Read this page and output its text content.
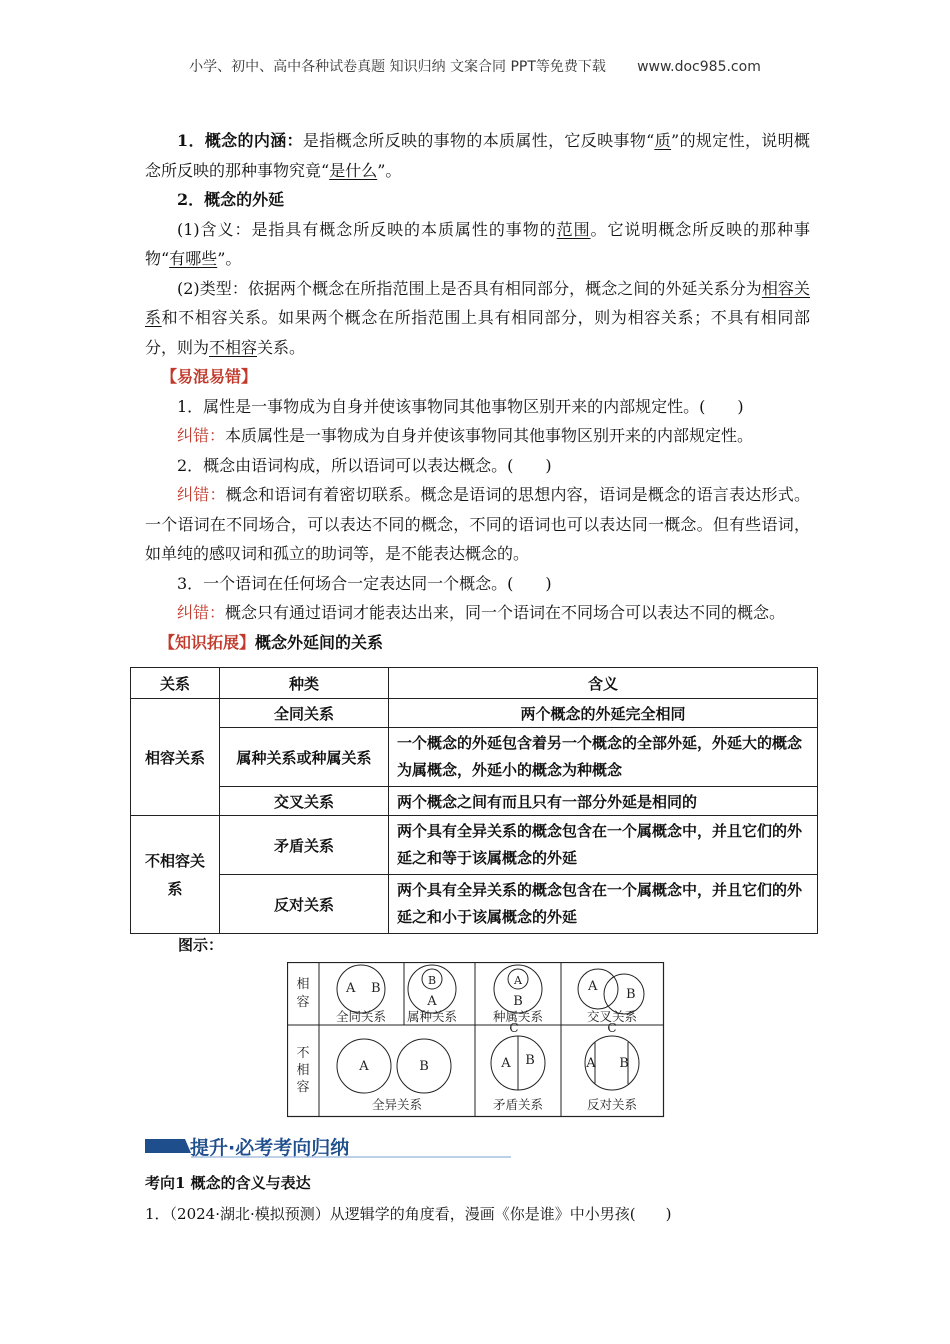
小学、初中、高中各种试卷真题 知识归纳 文案合同 PPT等免费下载 www.doc985.com

1．概念的内涵：是指概念所反映的事物的本质属性，它反映事物“质”的规定性，说明概念所反映的那种事物究竟“是什么”。

2．概念的外延

(1)含义：是指具有概念所反映的本质属性的事物的范围。它说明概念所反映的那种事物“有哪些”。

(2)类型：依据两个概念在所指范围上是否具有相同部分，概念之间的外延关系分为相容关系和不相容关系。如果两个概念在所指范围上具有相同部分，则为相容关系；不具有相同部分，则为不相容关系。

【易混易错】

1．属性是一事物成为自身并使该事物同其他事物区别开来的内部规定性。(　　)

纠错：本质属性是一事物成为自身并使该事物同其他事物区别开来的内部规定性。

2．概念由语词构成，所以语词可以表达概念。(　　)

纠错：概念和语词有着密切联系。概念是语词的思想内容，语词是概念的语言表达形式。一个语词在不同场合，可以表达不同的概念，不同的语词也可以表达同一概念。但有些语词，如单纯的感叹词和孤立的助词等，是不能表达概念的。

3．一个语词在任何场合一定表达同一个概念。(　　)

纠错：概念只有通过语词才能表达出来，同一个语词在不同场合可以表达不同的概念。

【知识拓展】概念外延间的关系

关系	种类	含义
相容关系	全同关系	两个概念的外延完全相同
	属种关系或种属关系	一个概念的外延包含着另一个概念的全部外延，外延大的概念为属概念，外延小的概念为种概念
	交叉关系	两个概念之间有而且只有一部分外延是相同的
不相容关系	矛盾关系	两个具有全异关系的概念包含在一个属概念中，并且它们的外延之和等于该属概念的外延
	反对关系	两个具有全异关系的概念包含在一个属概念中，并且它们的外延之和小于该属概念的外延
图示：
相
容
不
相
容
A B
全同关系
B
A
属种关系
A
B
种属关系
A
B
交叉关系
A	B
全异关系
C
A B
矛盾关系
C
A B
反对关系
提升·必考考向归纳
考向1 概念的含义与表达
1．（2024·湖北·模拟预测）从逻辑学的角度看，漫画《你是谁》中小男孩(　　)
